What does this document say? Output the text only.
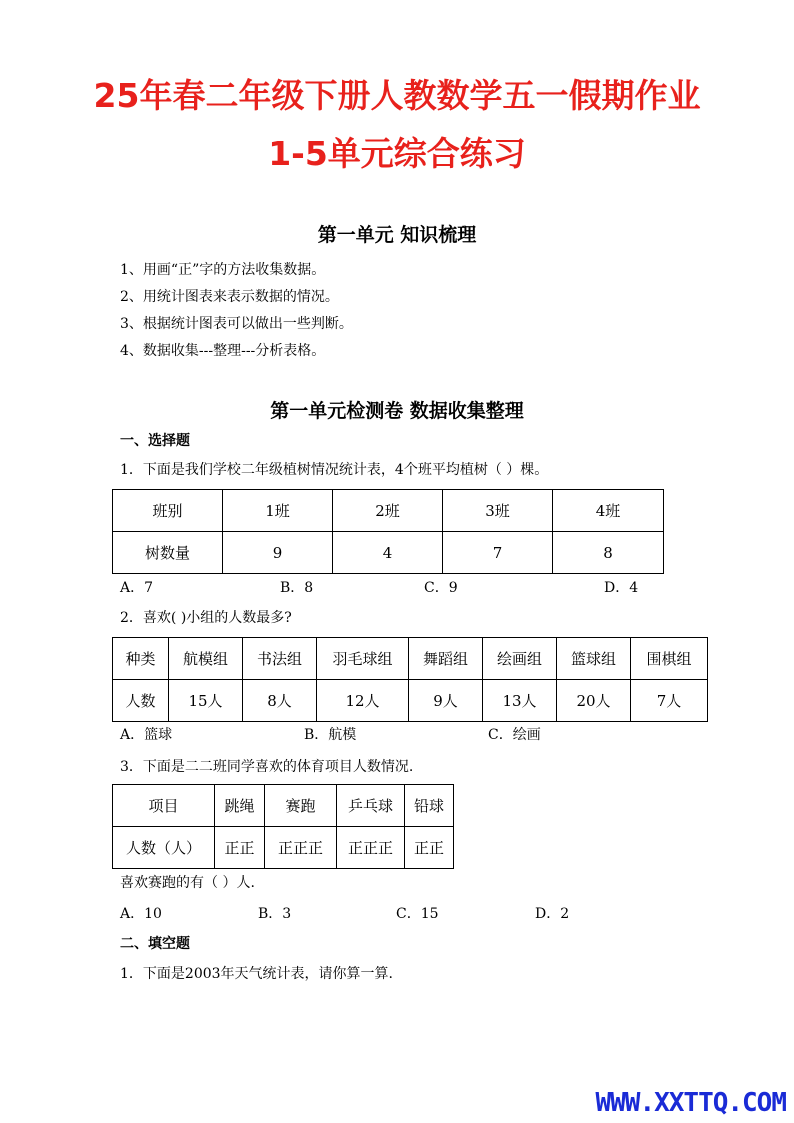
25年春二年级下册人教数学五一假期作业
1-5单元综合练习
第一单元 知识梳理
1、用画“正”字的方法收集数据。
2、用统计图表来表示数据的情况。
3、根据统计图表可以做出一些判断。
4、数据收集---整理---分析表格。
第一单元检测卷 数据收集整理
一、选择题
1．下面是我们学校二年级植树情况统计表，4个班平均植树（ ）棵。
班别	1班	2班	3班	4班
树数量	9	4	7	8
A．7	B．8	C．9	D．4
2．喜欢( )小组的人数最多?
种类	航模组	书法组	羽毛球组	舞蹈组	绘画组	篮球组	围棋组
人数	15人	8人	12人	9人	13人	20人	7人
A．篮球	B．航模	C．绘画
3．下面是二二班同学喜欢的体育项目人数情况.
项目	跳绳	赛跑	乒乓球	铅球
人数（人）	正正	正正正	正正正	正正
喜欢赛跑的有（ ）人.
A．10	B．3	C．15	D．2
二、填空题
1．下面是2003年天气统计表，请你算一算.
WWW.XXTTQ.COM
